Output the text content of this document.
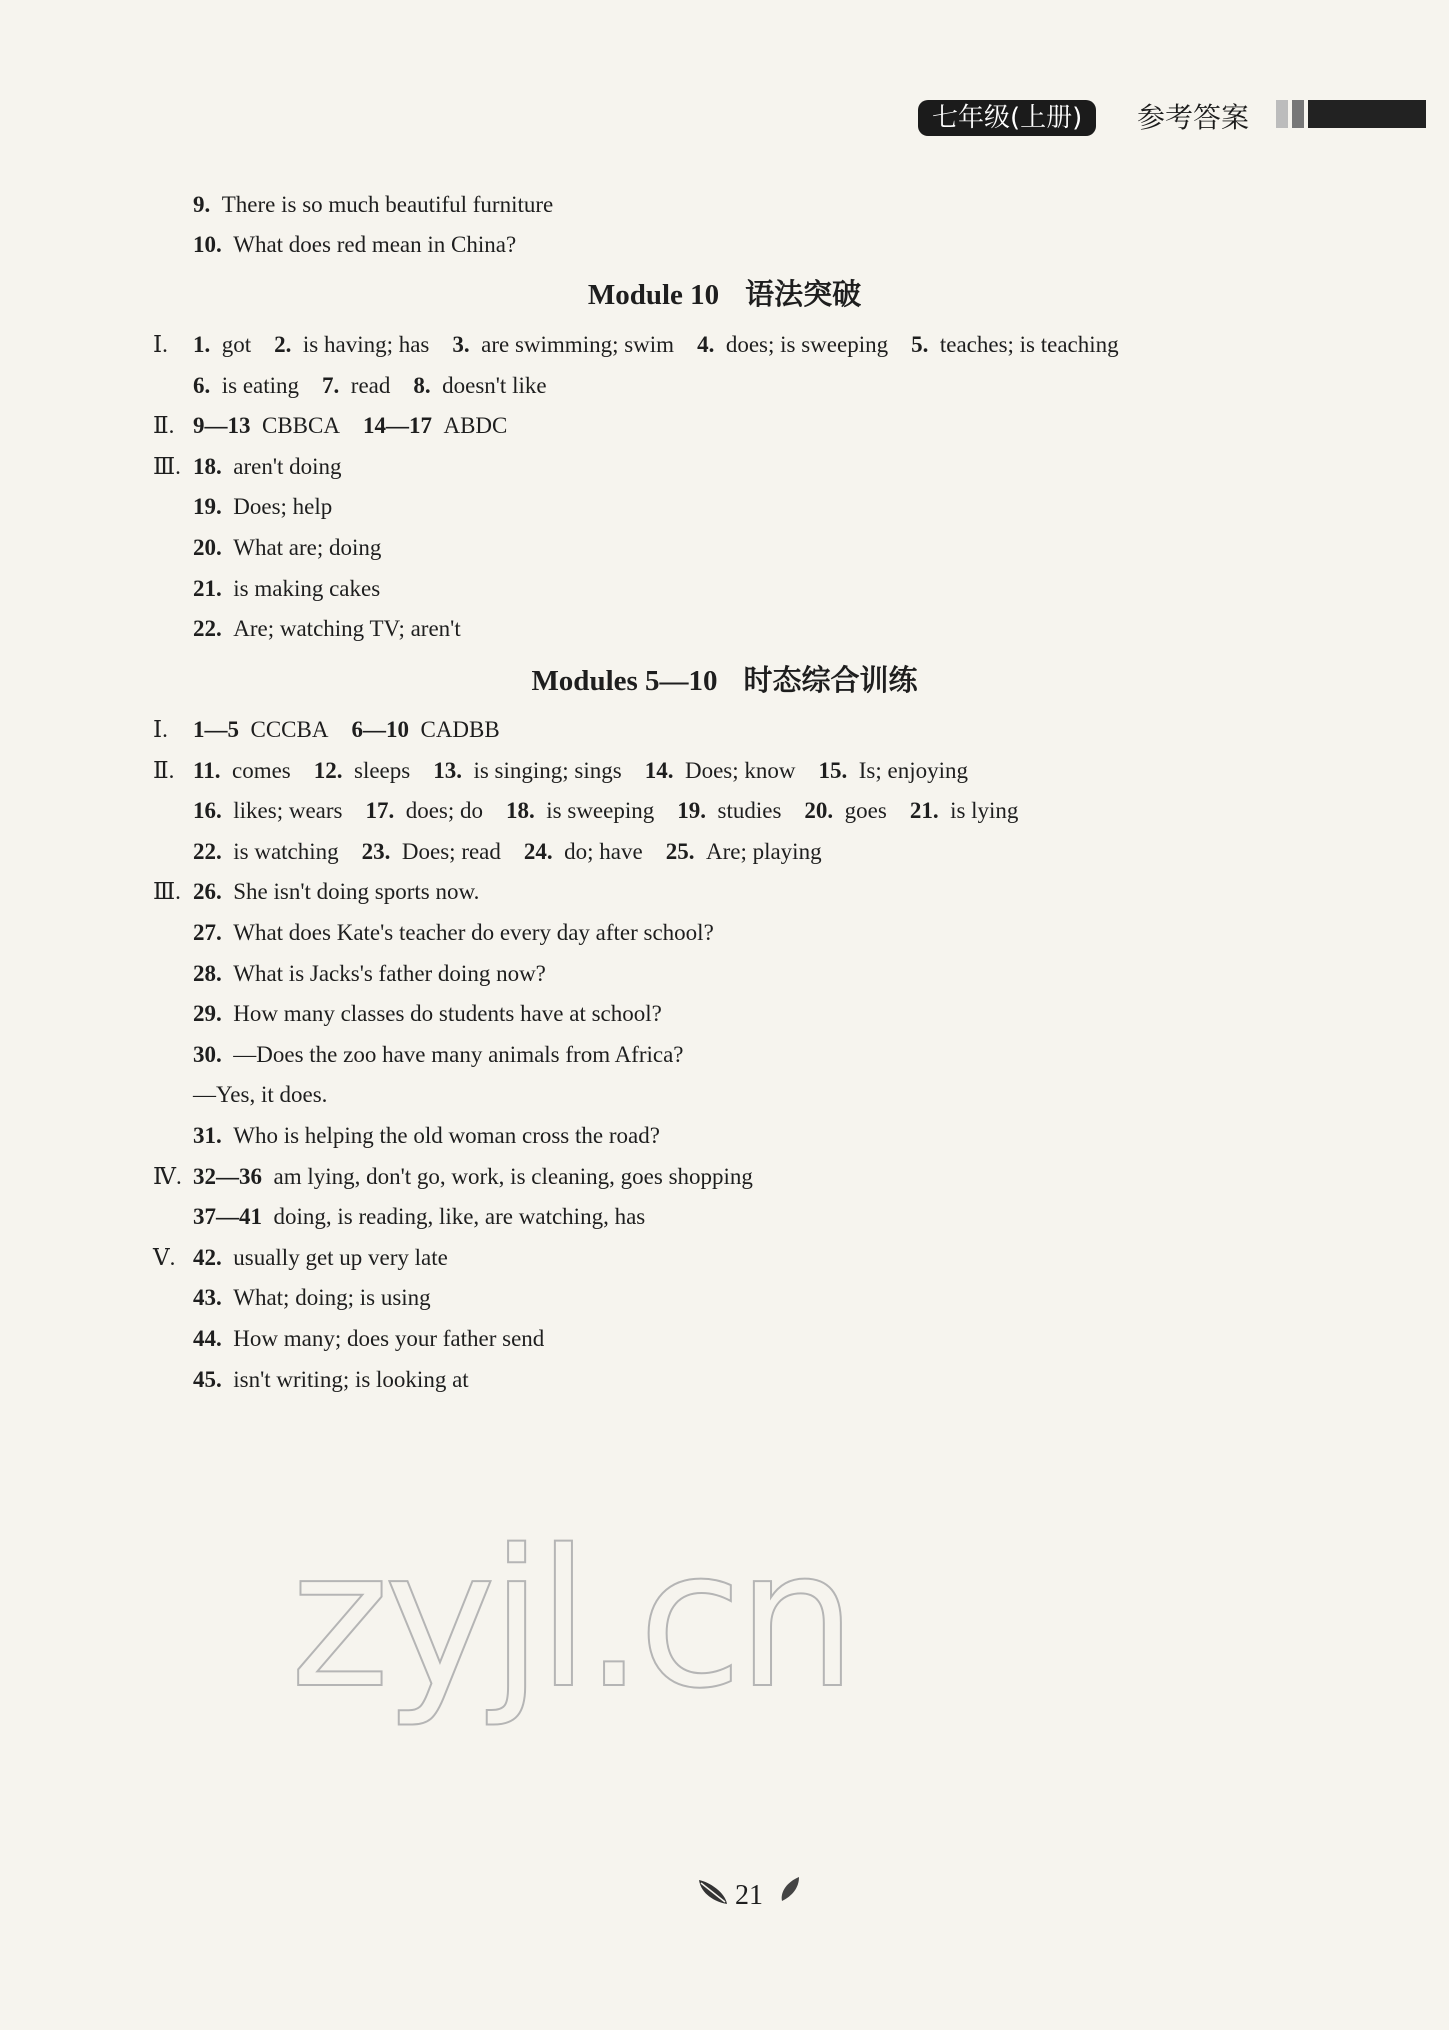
七年级(上册)	参考答案
9.  There is so much beautiful furniture
10.  What does red mean in China?
Module 10 语法突破
Ⅰ. 1.  got  2.  is having; has  3.  are swimming; swim  4.  does; is sweeping  5.  teaches; is teaching
6.  is eating  7.  read  8.  doesn't like
Ⅱ. 9—13  CBBCA  14—17  ABDC
Ⅲ. 18.  aren't doing
19.  Does; help
20.  What are; doing
21.  is making cakes
22.  Are; watching TV; aren't
Modules 5—10 时态综合训练
Ⅰ. 1—5  CCCBA  6—10  CADBB
Ⅱ. 11.  comes  12.  sleeps  13.  is singing; sings  14.  Does; know  15.  Is; enjoying
16.  likes; wears  17.  does; do  18.  is sweeping  19.  studies  20.  goes  21.  is lying
22.  is watching  23.  Does; read  24.  do; have  25.  Are; playing
Ⅲ. 26.  She isn't doing sports now.
27.  What does Kate's teacher do every day after school?
28.  What is Jacks's father doing now?
29.  How many classes do students have at school?
30.  —Does the zoo have many animals from Africa?
—Yes, it does.
31.  Who is helping the old woman cross the road?
Ⅳ. 32—36  am lying, don't go, work, is cleaning, goes shopping
37—41  doing, is reading, like, are watching, has
Ⅴ. 42.  usually get up very late
43.  What; doing; is using
44.  How many; does your father send
45.  isn't writing; is looking at
zyjl.cn
21
